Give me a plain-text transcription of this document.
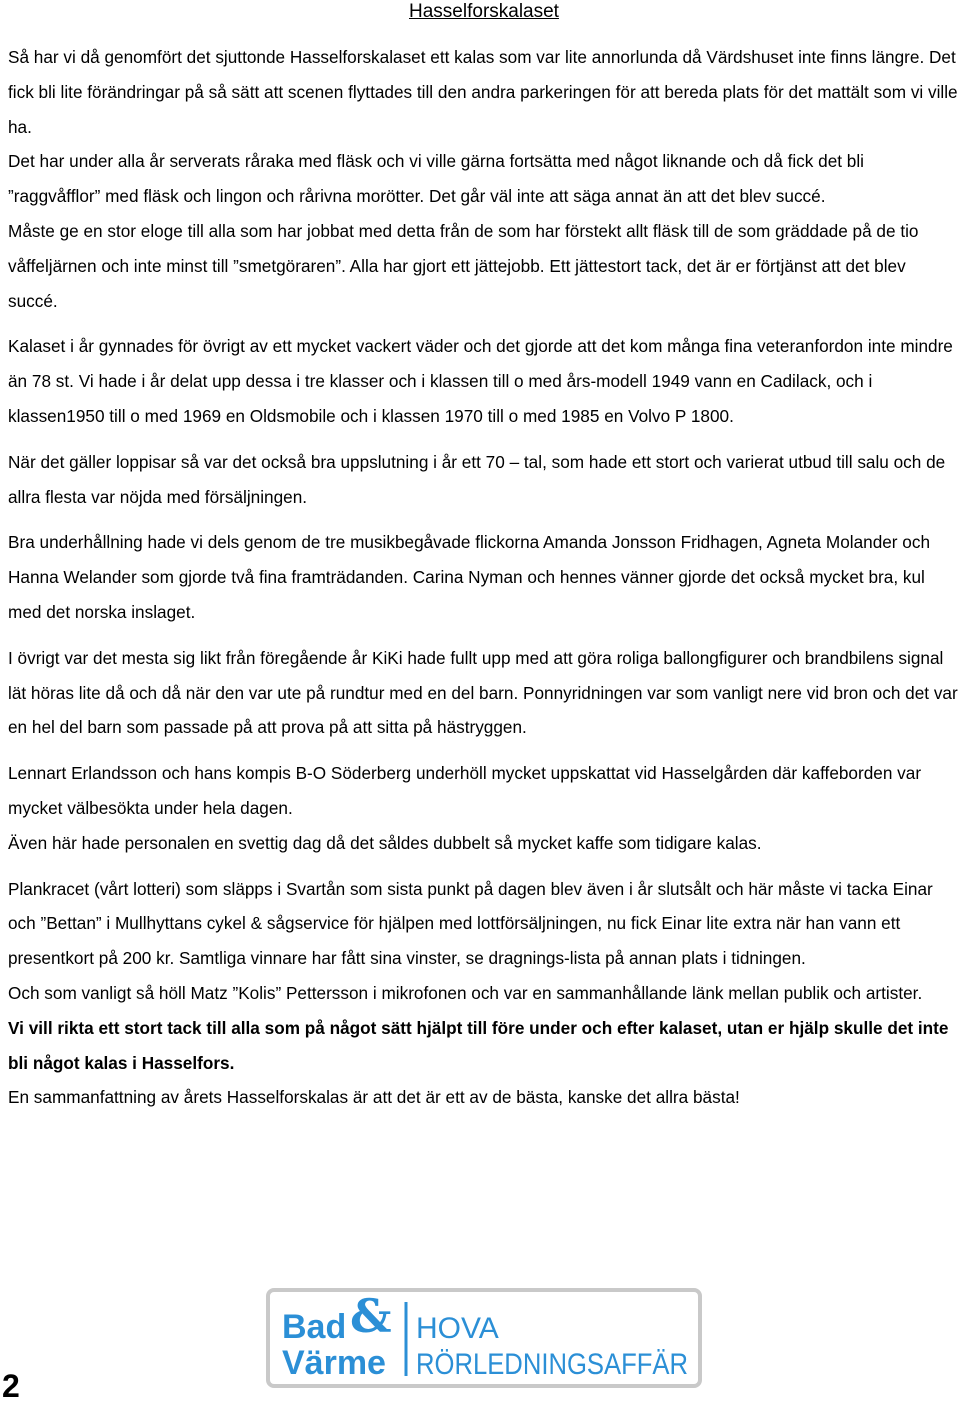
Hasselforskalaset

Så har vi då genomfört det sjuttonde Hasselforskalaset ett kalas som var lite annorlunda då Värdshuset inte finns längre. Det fick bli lite förändringar på så sätt att scenen flyttades till den andra parkeringen för att bereda plats för det mattält som vi ville ha.

Det har under alla år serverats råraka med fläsk och vi ville gärna fortsätta med något liknande och då fick det bli ”raggvåfflor” med fläsk och lingon och rårivna morötter. Det går väl inte att säga annat än att det blev succé.

Måste ge en stor eloge till alla som har jobbat med detta från de som har förstekt allt fläsk till de som gräddade på de tio våffeljärnen och inte minst till ”smetgöraren”. Alla har gjort ett jättejobb. Ett jättestort tack, det är er förtjänst att det blev succé.

Kalaset i år gynnades för övrigt av ett mycket vackert väder och det gjorde att det kom många fina veteranfordon inte mindre än 78 st. Vi hade i år delat upp dessa i tre klasser och i klassen till o med års-modell 1949 vann en Cadilack, och i klassen1950 till o med 1969 en Oldsmobile och i klassen 1970 till o med 1985 en Volvo P 1800.

När det gäller loppisar så var det också bra uppslutning i år ett 70 – tal, som hade ett stort och varierat utbud till salu och de allra flesta var nöjda med försäljningen.

Bra underhållning hade vi dels genom de tre musikbegåvade flickorna Amanda Jonsson Fridhagen, Agneta Molander och Hanna Welander som gjorde två fina framträdanden. Carina Nyman och hennes vänner gjorde det också mycket bra, kul med det norska inslaget.

I övrigt var det mesta sig likt från föregående år KiKi hade fullt upp med att göra roliga ballongfigurer och brandbilens signal lät höras lite då och då när den var ute på rundtur med en del barn. Ponnyridningen var som vanligt nere vid bron och det var en hel del barn som passade på att prova på att sitta på hästryggen.

Lennart Erlandsson och hans kompis B-O Söderberg underhöll mycket uppskattat vid Hasselgården där kaffeborden var mycket välbesökta under hela dagen.

Även här hade personalen en svettig dag då det såldes dubbelt så mycket kaffe som tidigare kalas.

Plankracet (vårt lotteri) som släpps i Svartån som sista punkt på dagen blev även i år slutsålt och här måste vi tacka Einar och ”Bettan” i Mullhyttans cykel & sågservice för hjälpen med lottförsäljningen, nu fick Einar lite extra när han vann ett presentkort på 200 kr. Samtliga vinnare har fått sina vinster, se dragnings-lista på annan plats i tidningen.

Och som vanligt så höll Matz ”Kolis” Pettersson i mikrofonen och var en sammanhållande länk mellan publik och artister.

Vi vill rikta ett stort tack till alla som på något sätt hjälpt till före under och efter kalaset, utan er hjälp skulle det inte bli något kalas i Hasselfors.

En sammanfattning av årets Hasselforskalas är att det är ett av de bästa, kanske det allra bästa!

Bad &
Värme
HOVA
RÖRLEDNINGSAFFÄR
2
